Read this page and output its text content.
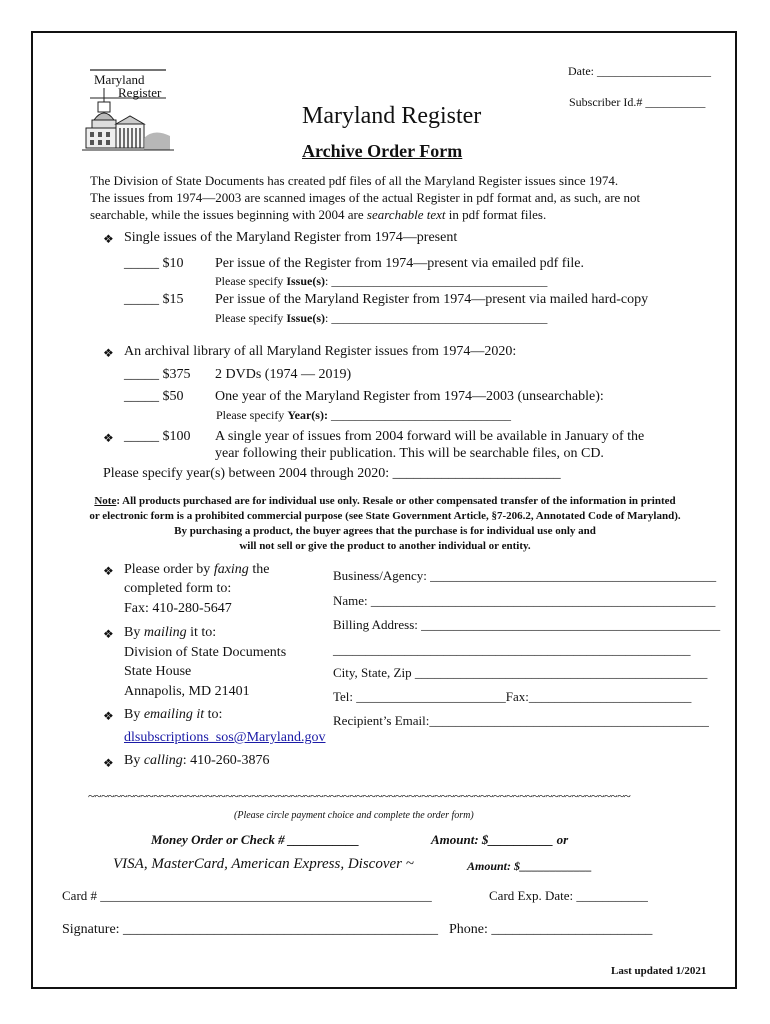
Maryland
Register
Date: ___________________
Subscriber Id.# __________
Maryland Register
Archive Order Form
The Division of State Documents has created pdf files of all the Maryland Register issues since 1974.
The issues from 1974—2003 are scanned images of the actual Register in pdf format and, as such, are not
searchable, while the issues beginning with 2004 are searchable text in pdf format files.
❖ Single issues of the Maryland Register from 1974—present
_____ $10 Per issue of the Register from 1974—present via emailed pdf file.
Please specify Issue(s): ____________________________________
_____ $15 Per issue of the Maryland Register from 1974—present via mailed hard-copy
Please specify Issue(s): ____________________________________
❖ An archival library of all Maryland Register issues from 1974—2020:
_____ $375 2 DVDs (1974 — 2019)
_____ $50 One year of the Maryland Register from 1974—2003 (unsearchable):
Please specify Year(s): ______________________________
❖ _____ $100 A single year of issues from 2004 forward will be available in January of the
year following their publication. This will be searchable files, on CD.
Please specify year(s) between 2004 through 2020: ________________________
Note: All products purchased are for individual use only. Resale or other compensated transfer of the information in printed
or electronic form is a prohibited commercial purpose (see State Government Article, §7-206.2, Annotated Code of Maryland).
By purchasing a product, the buyer agrees that the purchase is for individual use only and
will not sell or give the product to another individual or entity.
❖ Please order by faxing the
completed form to:
Fax: 410-280-5647
❖ By mailing it to:
Division of State Documents
State House
Annapolis, MD 21401
❖ By emailing it to:
dlsubscriptions_sos@Maryland.gov
❖ By calling: 410-260-3876
Business/Agency: ____________________________________________
Name: _____________________________________________________
Billing Address: ______________________________________________
_______________________________________________________
City, State, Zip _____________________________________________
Tel: _______________________Fax:_________________________
Recipient’s Email:___________________________________________
~~~~~~~~~~~~~~~~~~~~~~~~~~~~~~~~~~~~~~~~~~~~~~~~~~~~~~~~~~~~~~~~~~~~~~~~~~~~~~~~~~~
(Please circle payment choice and complete the order form)
Money Order or Check # ___________	Amount: $__________ or
VISA, MasterCard, American Express, Discover ~	Amount: $____________
Card # ___________________________________________________	Card Exp. Date: ___________
Signature: _____________________________________________ Phone: _______________________
Last updated 1/2021
